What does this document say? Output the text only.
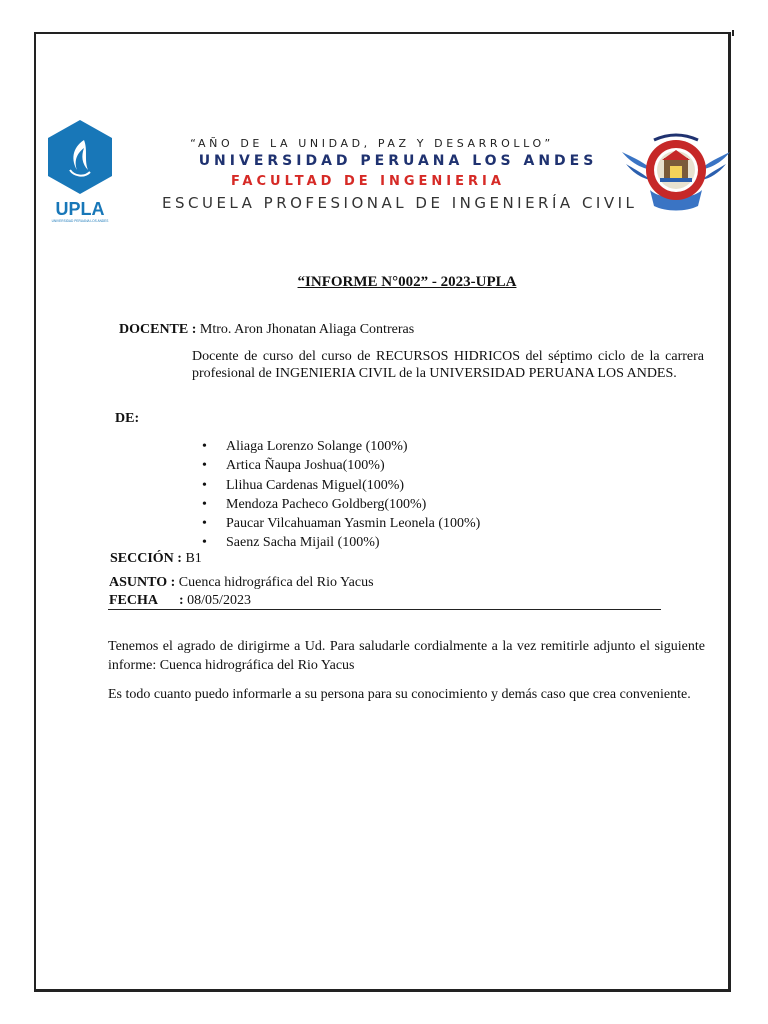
UPLA
UNIVERSIDAD PERUANA LOS ANDES
“AÑO DE LA UNIDAD, PAZ Y DESARROLLO”
UNIVERSIDAD PERUANA LOS ANDES
FACULTAD DE INGENIERIA
ESCUELA PROFESIONAL DE INGENIERÍA CIVIL
“INFORME N°002” - 2023-UPLA
DOCENTE : Mtro. Aron Jhonatan Aliaga Contreras
Docente de curso del curso de RECURSOS HIDRICOS del séptimo ciclo de la carrera profesional de INGENIERIA CIVIL de la UNIVERSIDAD PERUANA LOS ANDES.
DE:
• Aliaga Lorenzo Solange (100%)
• Artica Ñaupa Joshua(100%)
• Llihua Cardenas Miguel(100%)
• Mendoza Pacheco Goldberg(100%)
• Paucar Vilcahuaman Yasmin Leonela (100%)
• Saenz Sacha Mijail (100%)
SECCIÓN : B1
ASUNTO : Cuenca hidrográfica del Rio Yacus
FECHA : 08/05/2023
Tenemos el agrado de dirigirme a Ud. Para saludarle cordialmente a la vez remitirle adjunto el siguiente informe: Cuenca hidrográfica del Rio Yacus
Es todo cuanto puedo informarle a su persona para su conocimiento y demás caso que crea conveniente.
